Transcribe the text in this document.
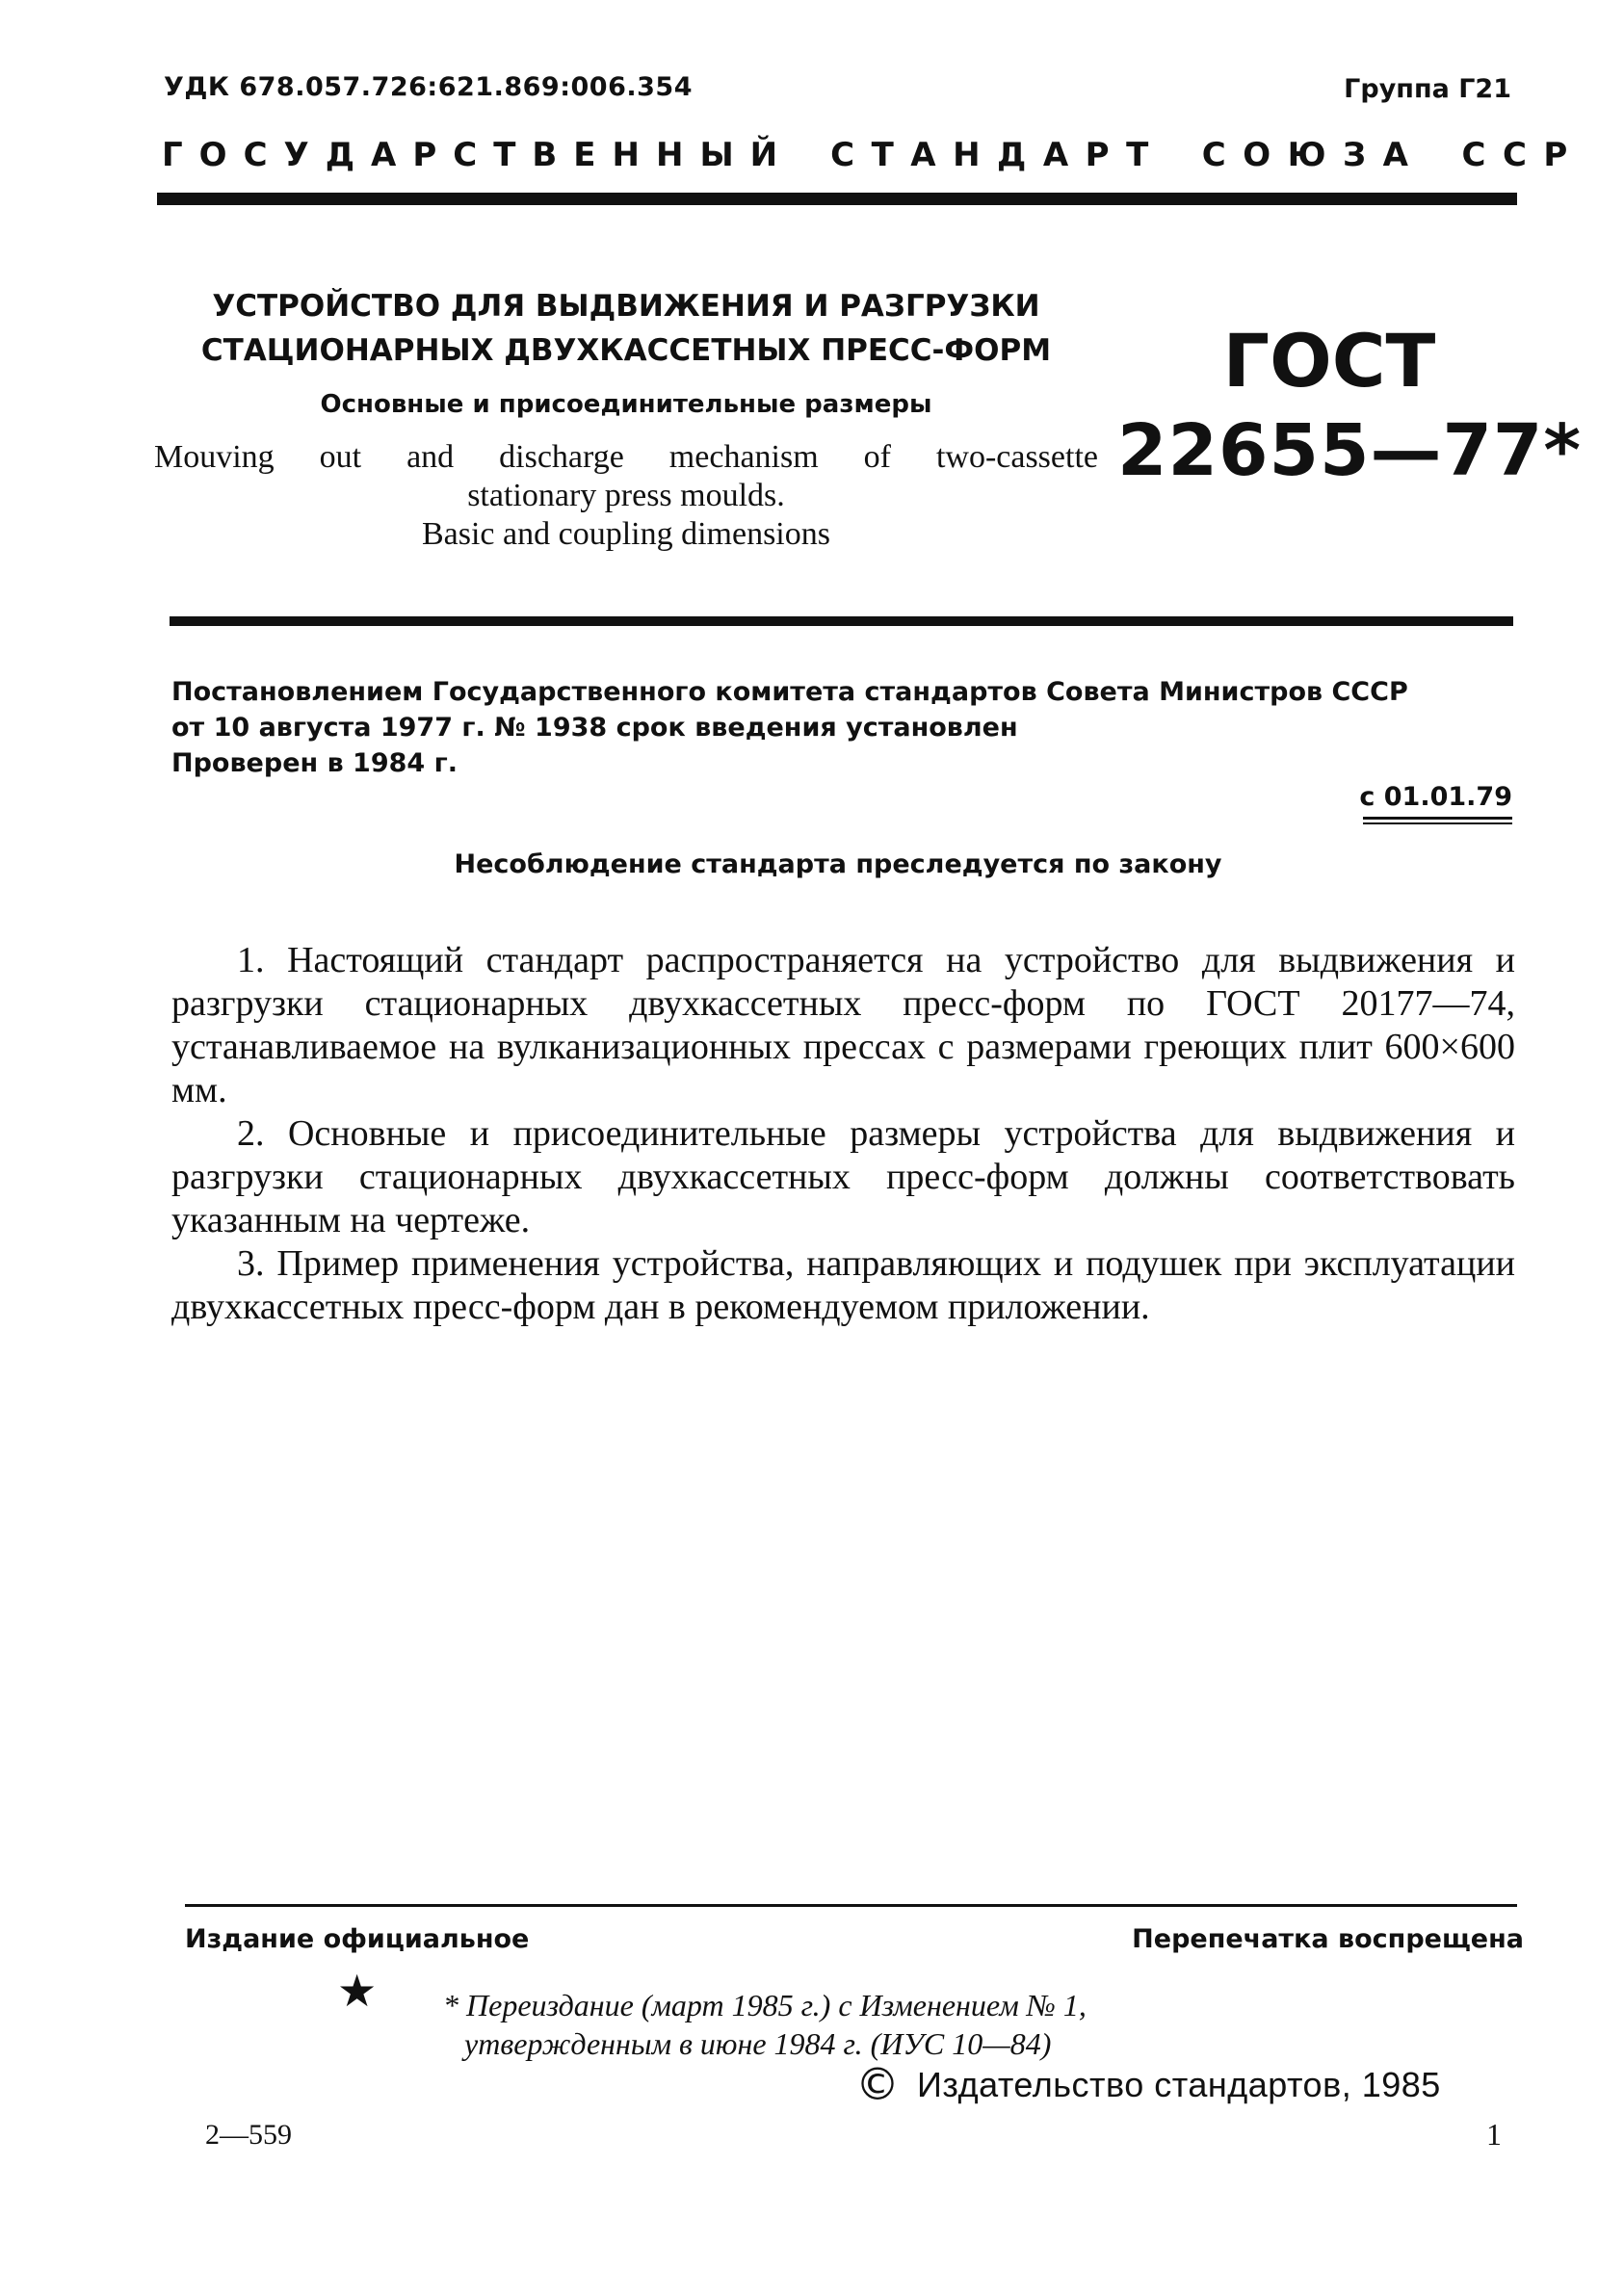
УДК 678.057.726:621.869:006.354	Группа Г21
ГОСУДАРСТВЕННЫЙ СТАНДАРТ СОЮЗА ССР
УСТРОЙСТВО ДЛЯ ВЫДВИЖЕНИЯ И РАЗГРУЗКИ
СТАЦИОНАРНЫХ ДВУХКАССЕТНЫХ ПРЕСС-ФОРМ
Основные и присоединительные размеры
Mouving out and discharge mechanism of two-cassette
stationary press moulds.
Basic and coupling dimensions
ГОСТ
22655—77*

Постановлением Государственного комитета стандартов Совета Министров СССР

от 10 августа 1977 г. № 1938 срок введения установлен

Проверен в 1984 г.

с 01.01.79
Несоблюдение стандарта преследуется по закону

1. Настоящий стандарт распространяется на устройство для выдвижения и разгрузки стационарных двухкассетных пресс-форм по ГОСТ 20177—74, устанавливаемое на вулканизационных прессах с размерами греющих плит 600×600 мм.

2. Основные и присоединительные размеры устройства для выдвижения и разгрузки стационарных двухкассетных пресс-форм должны соответствовать указанным на чертеже.

3. Пример применения устройства, направляющих и подушек при эксплуатации двухкассетных пресс-форм дан в рекомендуемом приложении.

Издание официальное	Перепечатка воспрещена
★ * Переиздание (март 1985 г.) с Изменением № 1,

утвержденным в июне 1984 г. (ИУС 10—84)

© Издательство стандартов, 1985
2—559	1
